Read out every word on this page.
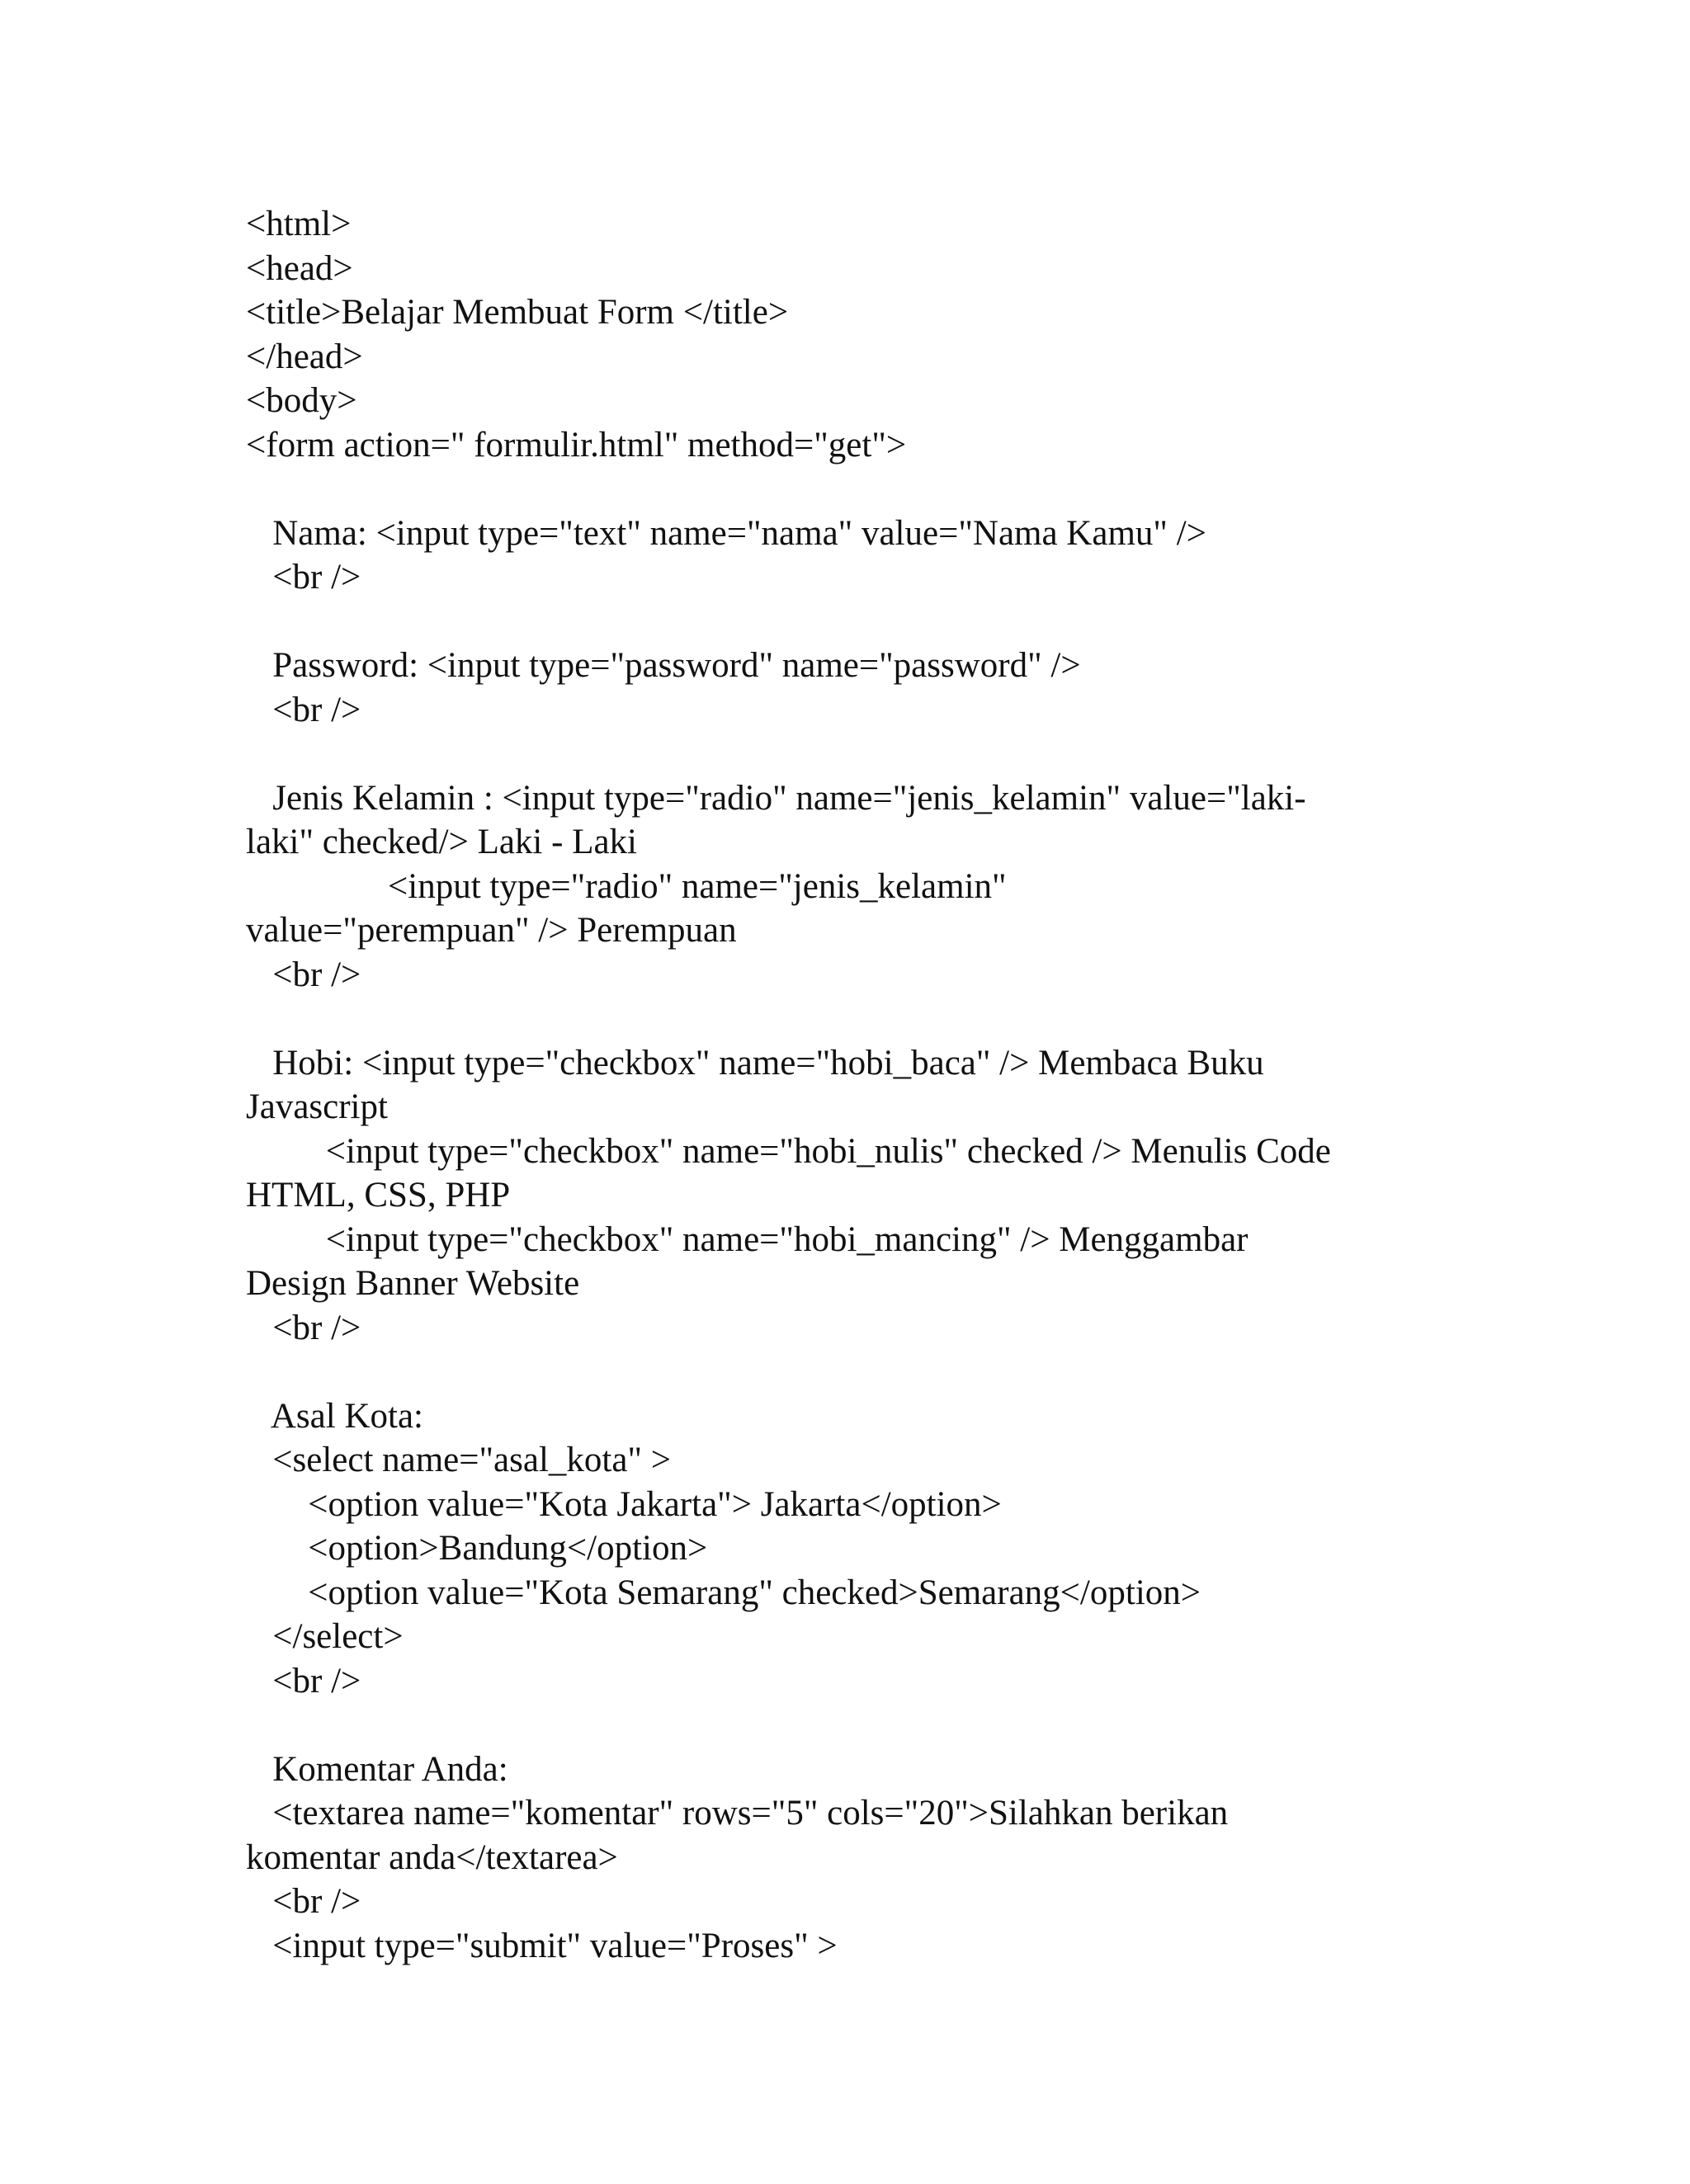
<html>
<head>
<title>Belajar Membuat Form </title>
</head>
<body>
<form action=" formulir.html" method="get">
Nama: <input type="text" name="nama" value="Nama Kamu" />
<br />
Password: <input type="password" name="password" />
<br />
Jenis Kelamin : <input type="radio" name="jenis_kelamin" value="laki-
laki" checked/> Laki - Laki
<input type="radio" name="jenis_kelamin"
value="perempuan" /> Perempuan
<br />
Hobi: <input type="checkbox" name="hobi_baca" /> Membaca Buku
Javascript
<input type="checkbox" name="hobi_nulis" checked /> Menulis Code
HTML, CSS, PHP
<input type="checkbox" name="hobi_mancing" /> Menggambar
Design Banner Website
<br />
Asal Kota:
<select name="asal_kota" >
<option value="Kota Jakarta"> Jakarta</option>
<option>Bandung</option>
<option value="Kota Semarang" checked>Semarang</option>
</select>
<br />
Komentar Anda:
<textarea name="komentar" rows="5" cols="20">Silahkan berikan
komentar anda</textarea>
<br />
<input type="submit" value="Proses" >
